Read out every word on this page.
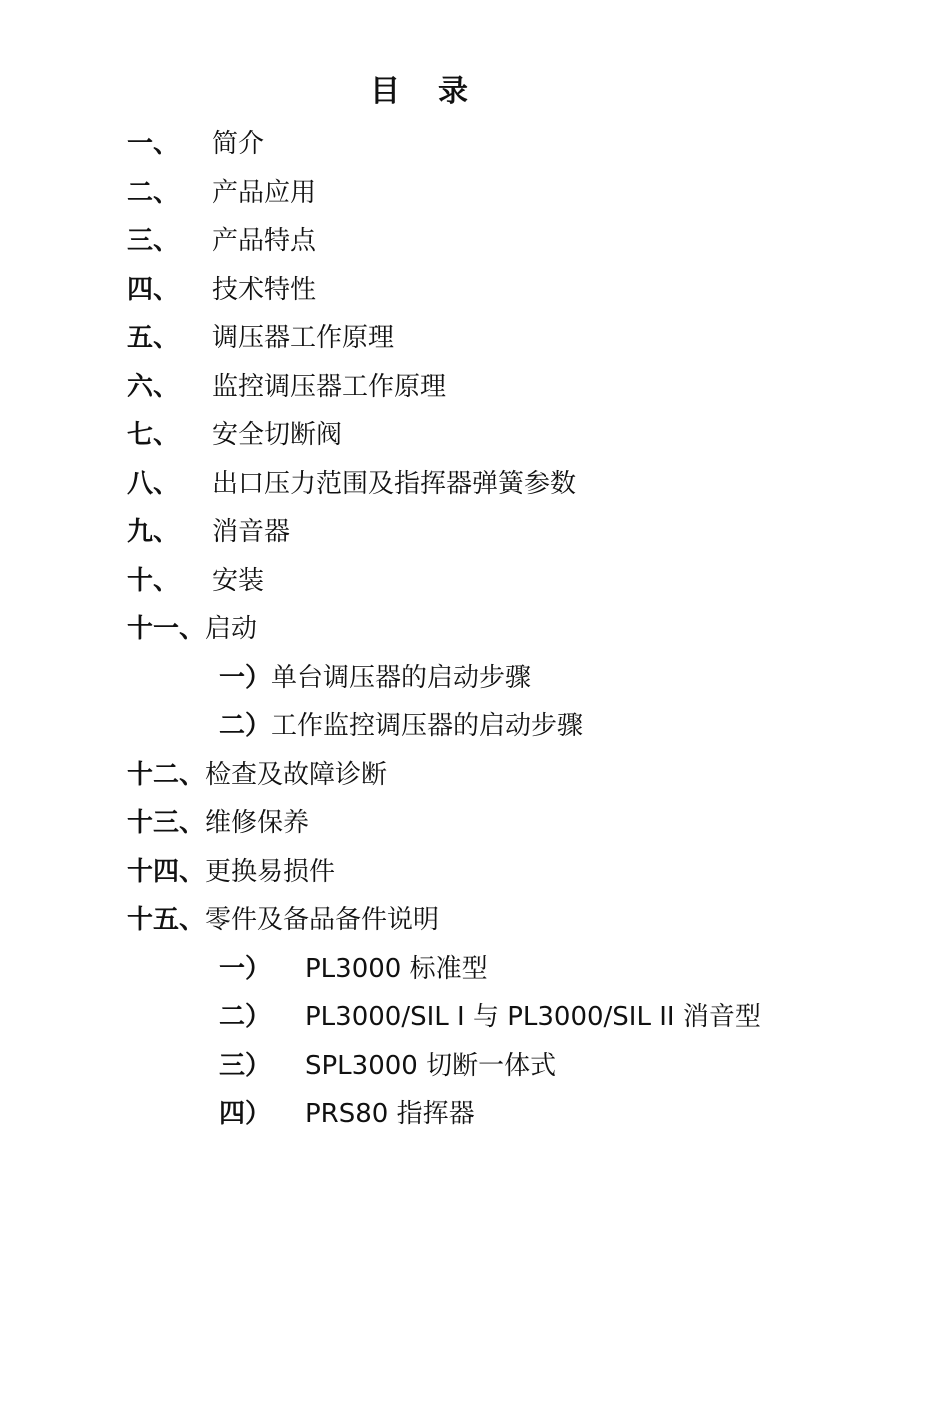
目 录
一、 简介
二、 产品应用
三、 产品特点
四、 技术特性
五、 调压器工作原理
六、 监控调压器工作原理
七、 安全切断阀
八、 出口压力范围及指挥器弹簧参数
九、 消音器
十、 安装
十一、启动
一）单台调压器的启动步骤
二）工作监控调压器的启动步骤
十二、检查及故障诊断
十三、维修保养
十四、更换易损件
十五、零件及备品备件说明
一） PL3000 标准型
二） PL3000/SIL I 与 PL3000/SIL II 消音型
三） SPL3000 切断一体式
四） PRS80 指挥器
